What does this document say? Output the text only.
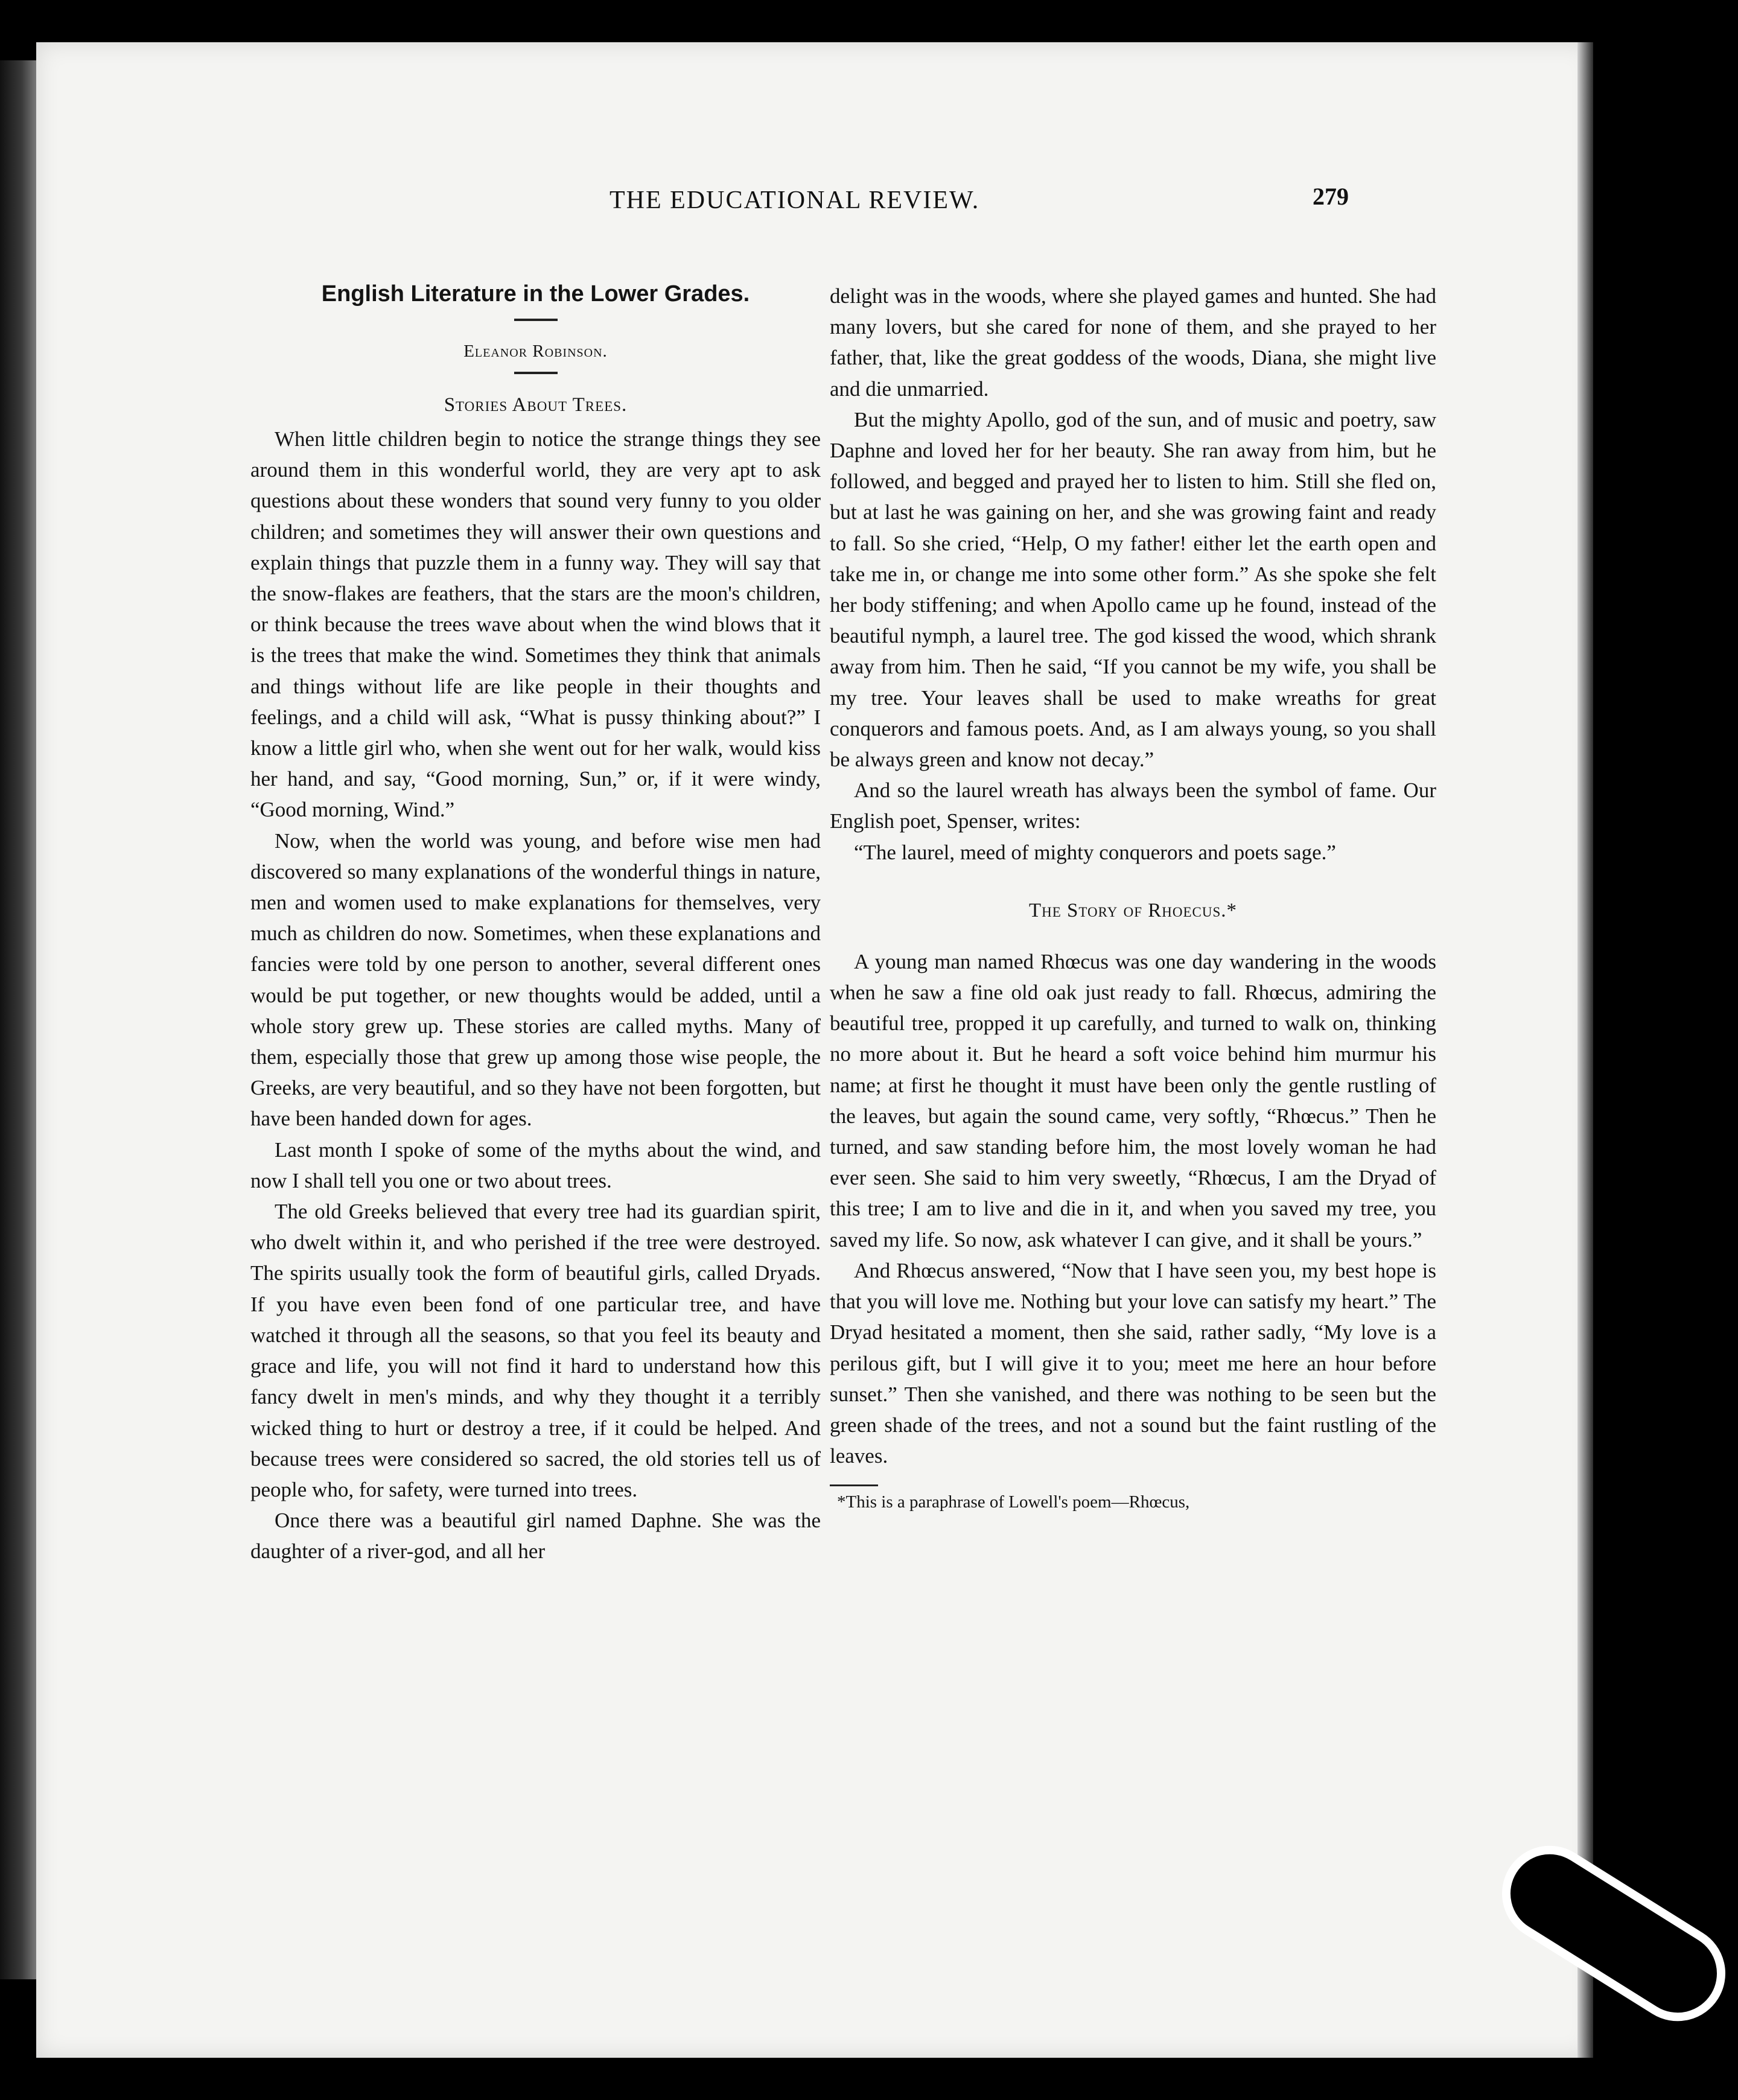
THE EDUCATIONAL REVIEW.	279
English Literature in the Lower Grades.
Eleanor Robinson.
Stories About Trees.

When little children begin to notice the strange things they see around them in this wonderful world, they are very apt to ask questions about these wonders that sound very funny to you older children; and sometimes they will answer their own questions and explain things that puzzle them in a funny way. They will say that the snow-flakes are feathers, that the stars are the moon's children, or think because the trees wave about when the wind blows that it is the trees that make the wind. Sometimes they think that animals and things without life are like people in their thoughts and feelings, and a child will ask, “What is pussy thinking about?” I know a little girl who, when she went out for her walk, would kiss her hand, and say, “Good morning, Sun,” or, if it were windy, “Good morning, Wind.”

Now, when the world was young, and before wise men had discovered so many explanations of the wonderful things in nature, men and women used to make explanations for themselves, very much as children do now. Sometimes, when these explanations and fancies were told by one person to another, several different ones would be put together, or new thoughts would be added, until a whole story grew up. These stories are called myths. Many of them, especially those that grew up among those wise people, the Greeks, are very beautiful, and so they have not been forgotten, but have been handed down for ages.

Last month I spoke of some of the myths about the wind, and now I shall tell you one or two about trees.

The old Greeks believed that every tree had its guardian spirit, who dwelt within it, and who perished if the tree were destroyed. The spirits usually took the form of beautiful girls, called Dryads. If you have even been fond of one particular tree, and have watched it through all the seasons, so that you feel its beauty and grace and life, you will not find it hard to understand how this fancy dwelt in men's minds, and why they thought it a terribly wicked thing to hurt or destroy a tree, if it could be helped. And because trees were considered so sacred, the old stories tell us of people who, for safety, were turned into trees.

Once there was a beautiful girl named Daphne. She was the daughter of a river-god, and all her

delight was in the woods, where she played games and hunted. She had many lovers, but she cared for none of them, and she prayed to her father, that, like the great goddess of the woods, Diana, she might live and die unmarried.

But the mighty Apollo, god of the sun, and of music and poetry, saw Daphne and loved her for her beauty. She ran away from him, but he followed, and begged and prayed her to listen to him. Still she fled on, but at last he was gaining on her, and she was growing faint and ready to fall. So she cried, “Help, O my father! either let the earth open and take me in, or change me into some other form.” As she spoke she felt her body stiffening; and when Apollo came up he found, instead of the beautiful nymph, a laurel tree. The god kissed the wood, which shrank away from him. Then he said, “If you cannot be my wife, you shall be my tree. Your leaves shall be used to make wreaths for great conquerors and famous poets. And, as I am always young, so you shall be always green and know not decay.”

And so the laurel wreath has always been the symbol of fame. Our English poet, Spenser, writes:

“The laurel, meed of mighty conquerors and poets sage.”

The Story of Rhoecus.*

A young man named Rhœcus was one day wandering in the woods when he saw a fine old oak just ready to fall. Rhœcus, admiring the beautiful tree, propped it up carefully, and turned to walk on, thinking no more about it. But he heard a soft voice behind him murmur his name; at first he thought it must have been only the gentle rustling of the leaves, but again the sound came, very softly, “Rhœcus.” Then he turned, and saw standing before him, the most lovely woman he had ever seen. She said to him very sweetly, “Rhœcus, I am the Dryad of this tree; I am to live and die in it, and when you saved my tree, you saved my life. So now, ask whatever I can give, and it shall be yours.”

And Rhœcus answered, “Now that I have seen you, my best hope is that you will love me. Nothing but your love can satisfy my heart.” The Dryad hesitated a moment, then she said, rather sadly, “My love is a perilous gift, but I will give it to you; meet me here an hour before sunset.” Then she vanished, and there was nothing to be seen but the green shade of the trees, and not a sound but the faint rustling of the leaves.

*This is a paraphrase of Lowell's poem—Rhœcus,
